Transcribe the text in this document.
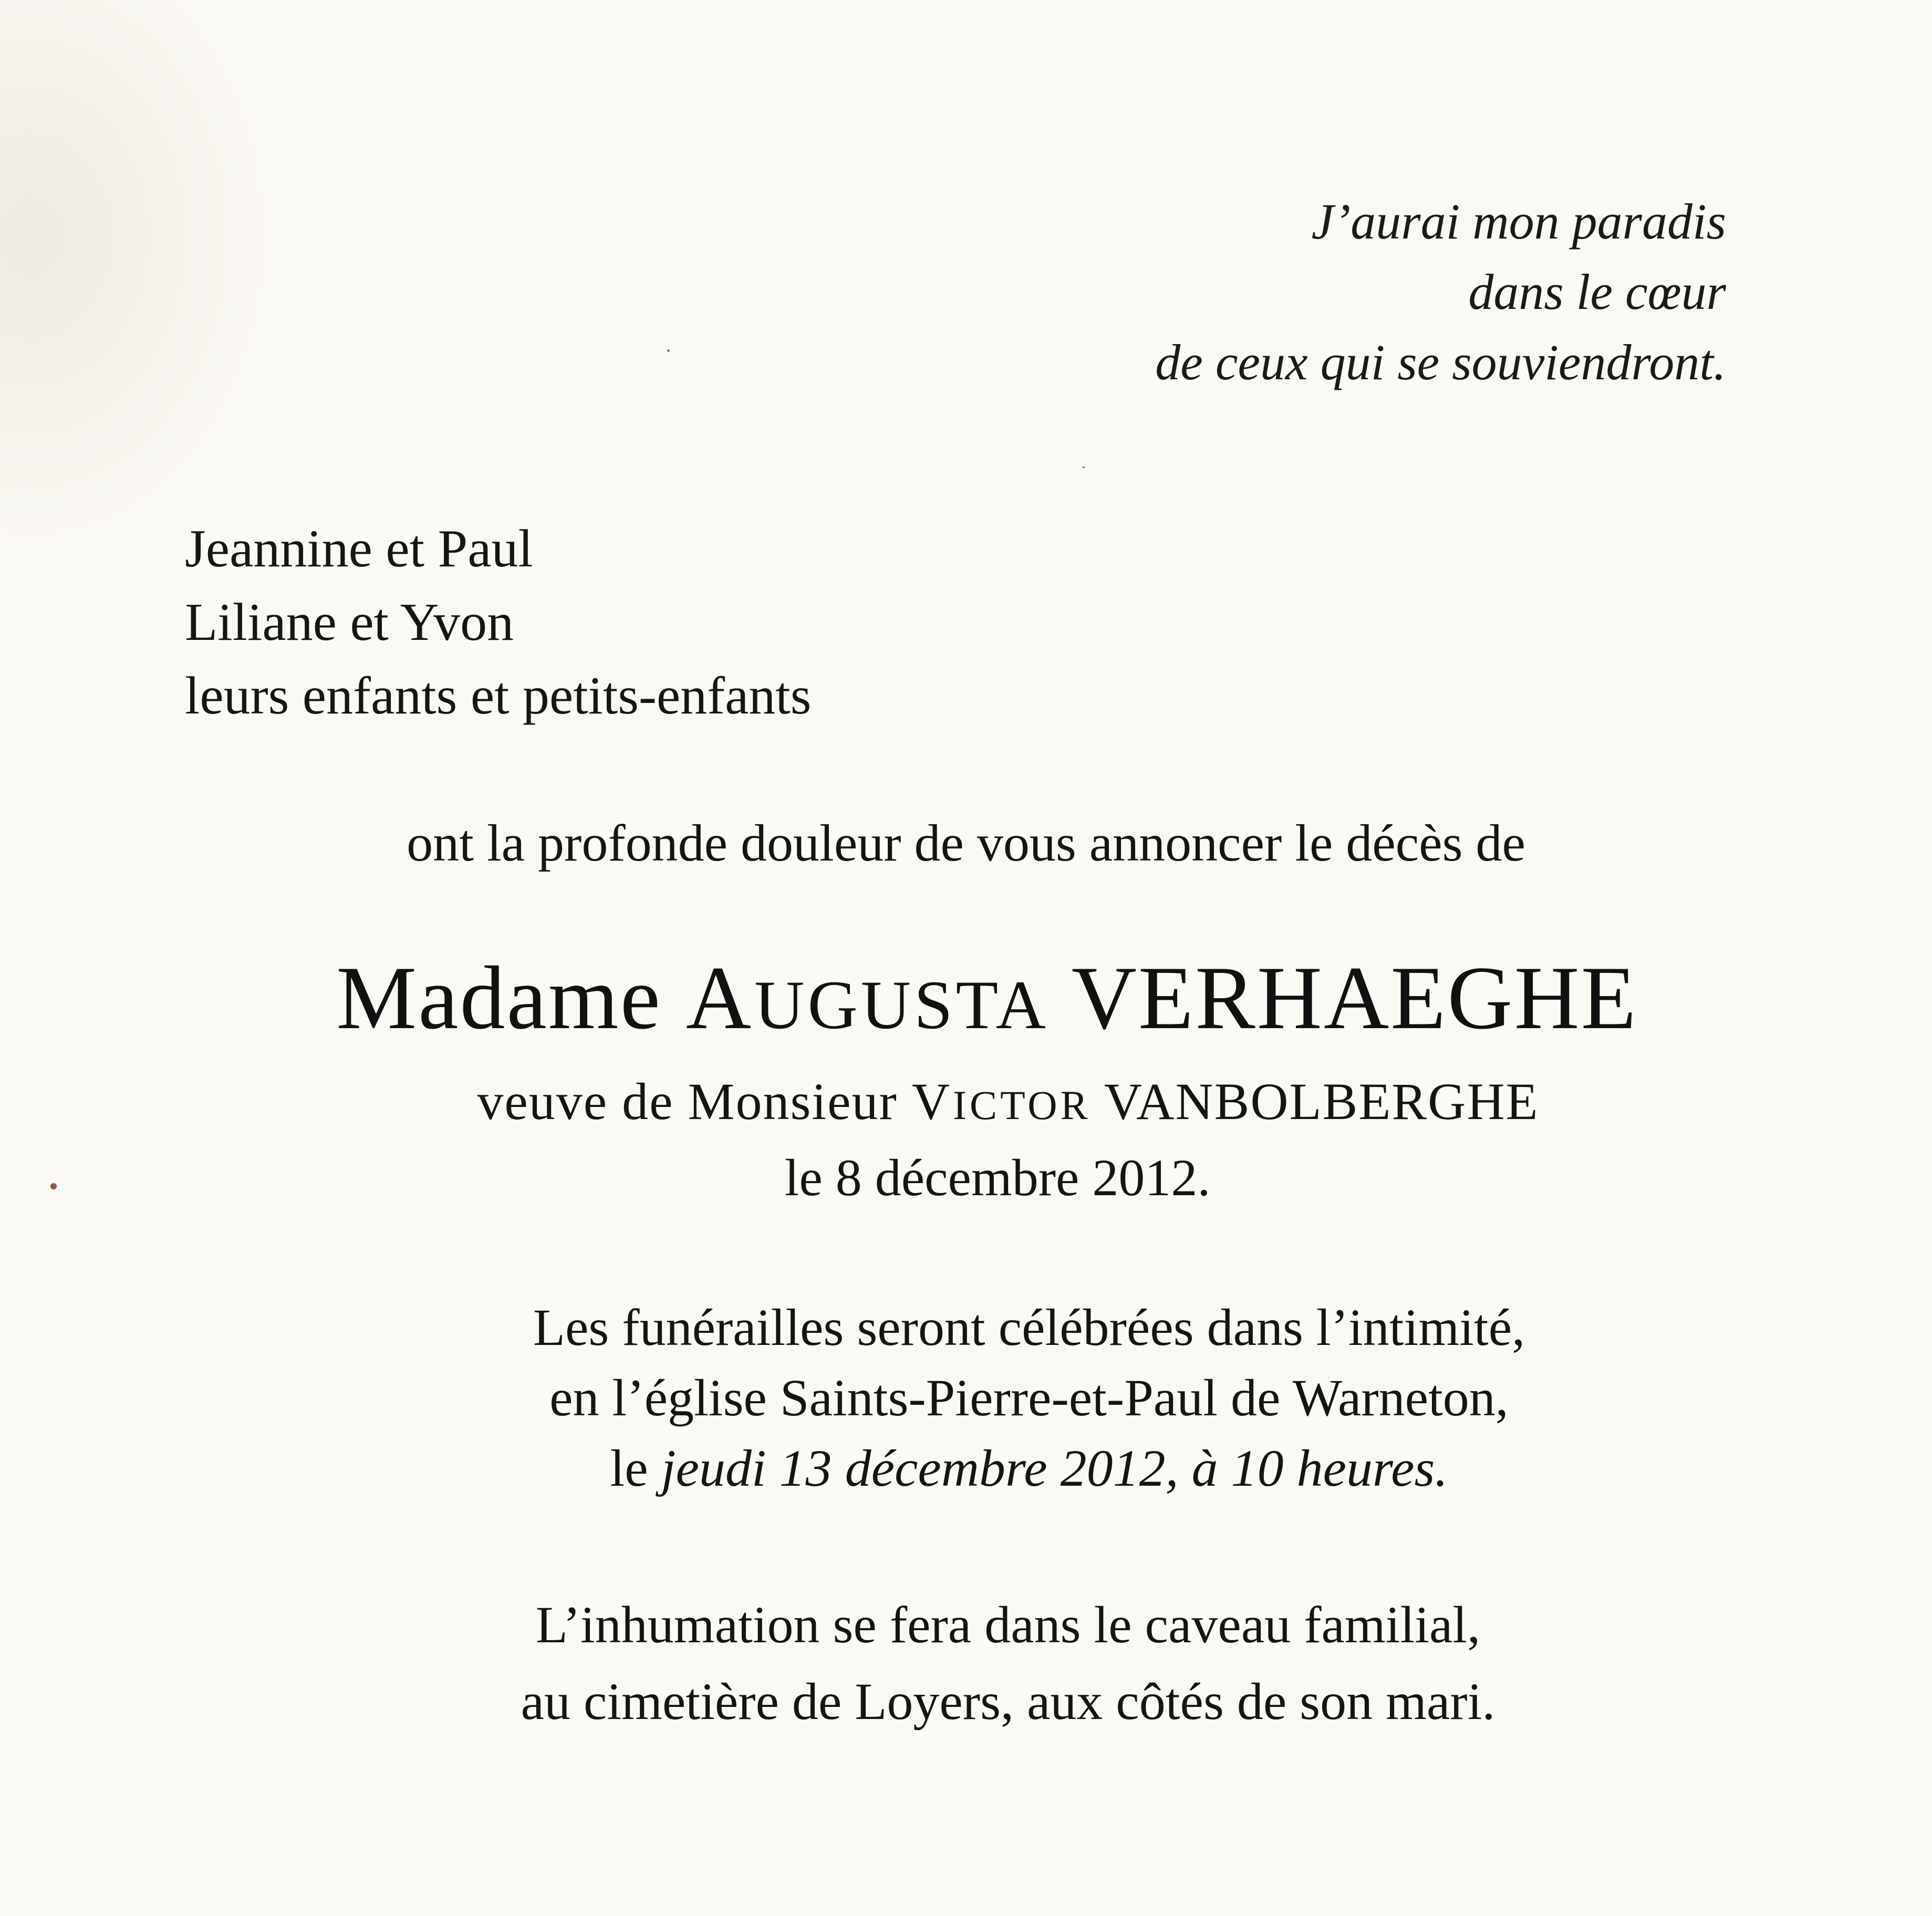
J’aurai mon paradis
dans le cœur
de ceux qui se souviendront.
Jeannine et Paul
Liliane et Yvon
leurs enfants et petits-enfants
ont la profonde douleur de vous annoncer le décès de
Madame AUGUSTA VERHAEGHE
veuve de Monsieur VICTOR VANBOLBERGHE
le 8 décembre 2012.
Les funérailles seront célébrées dans l’intimité,
en l’église Saints-Pierre-et-Paul de Warneton,
le jeudi 13 décembre 2012, à 10 heures.
L’inhumation se fera dans le caveau familial,
au cimetière de Loyers, aux côtés de son mari.
